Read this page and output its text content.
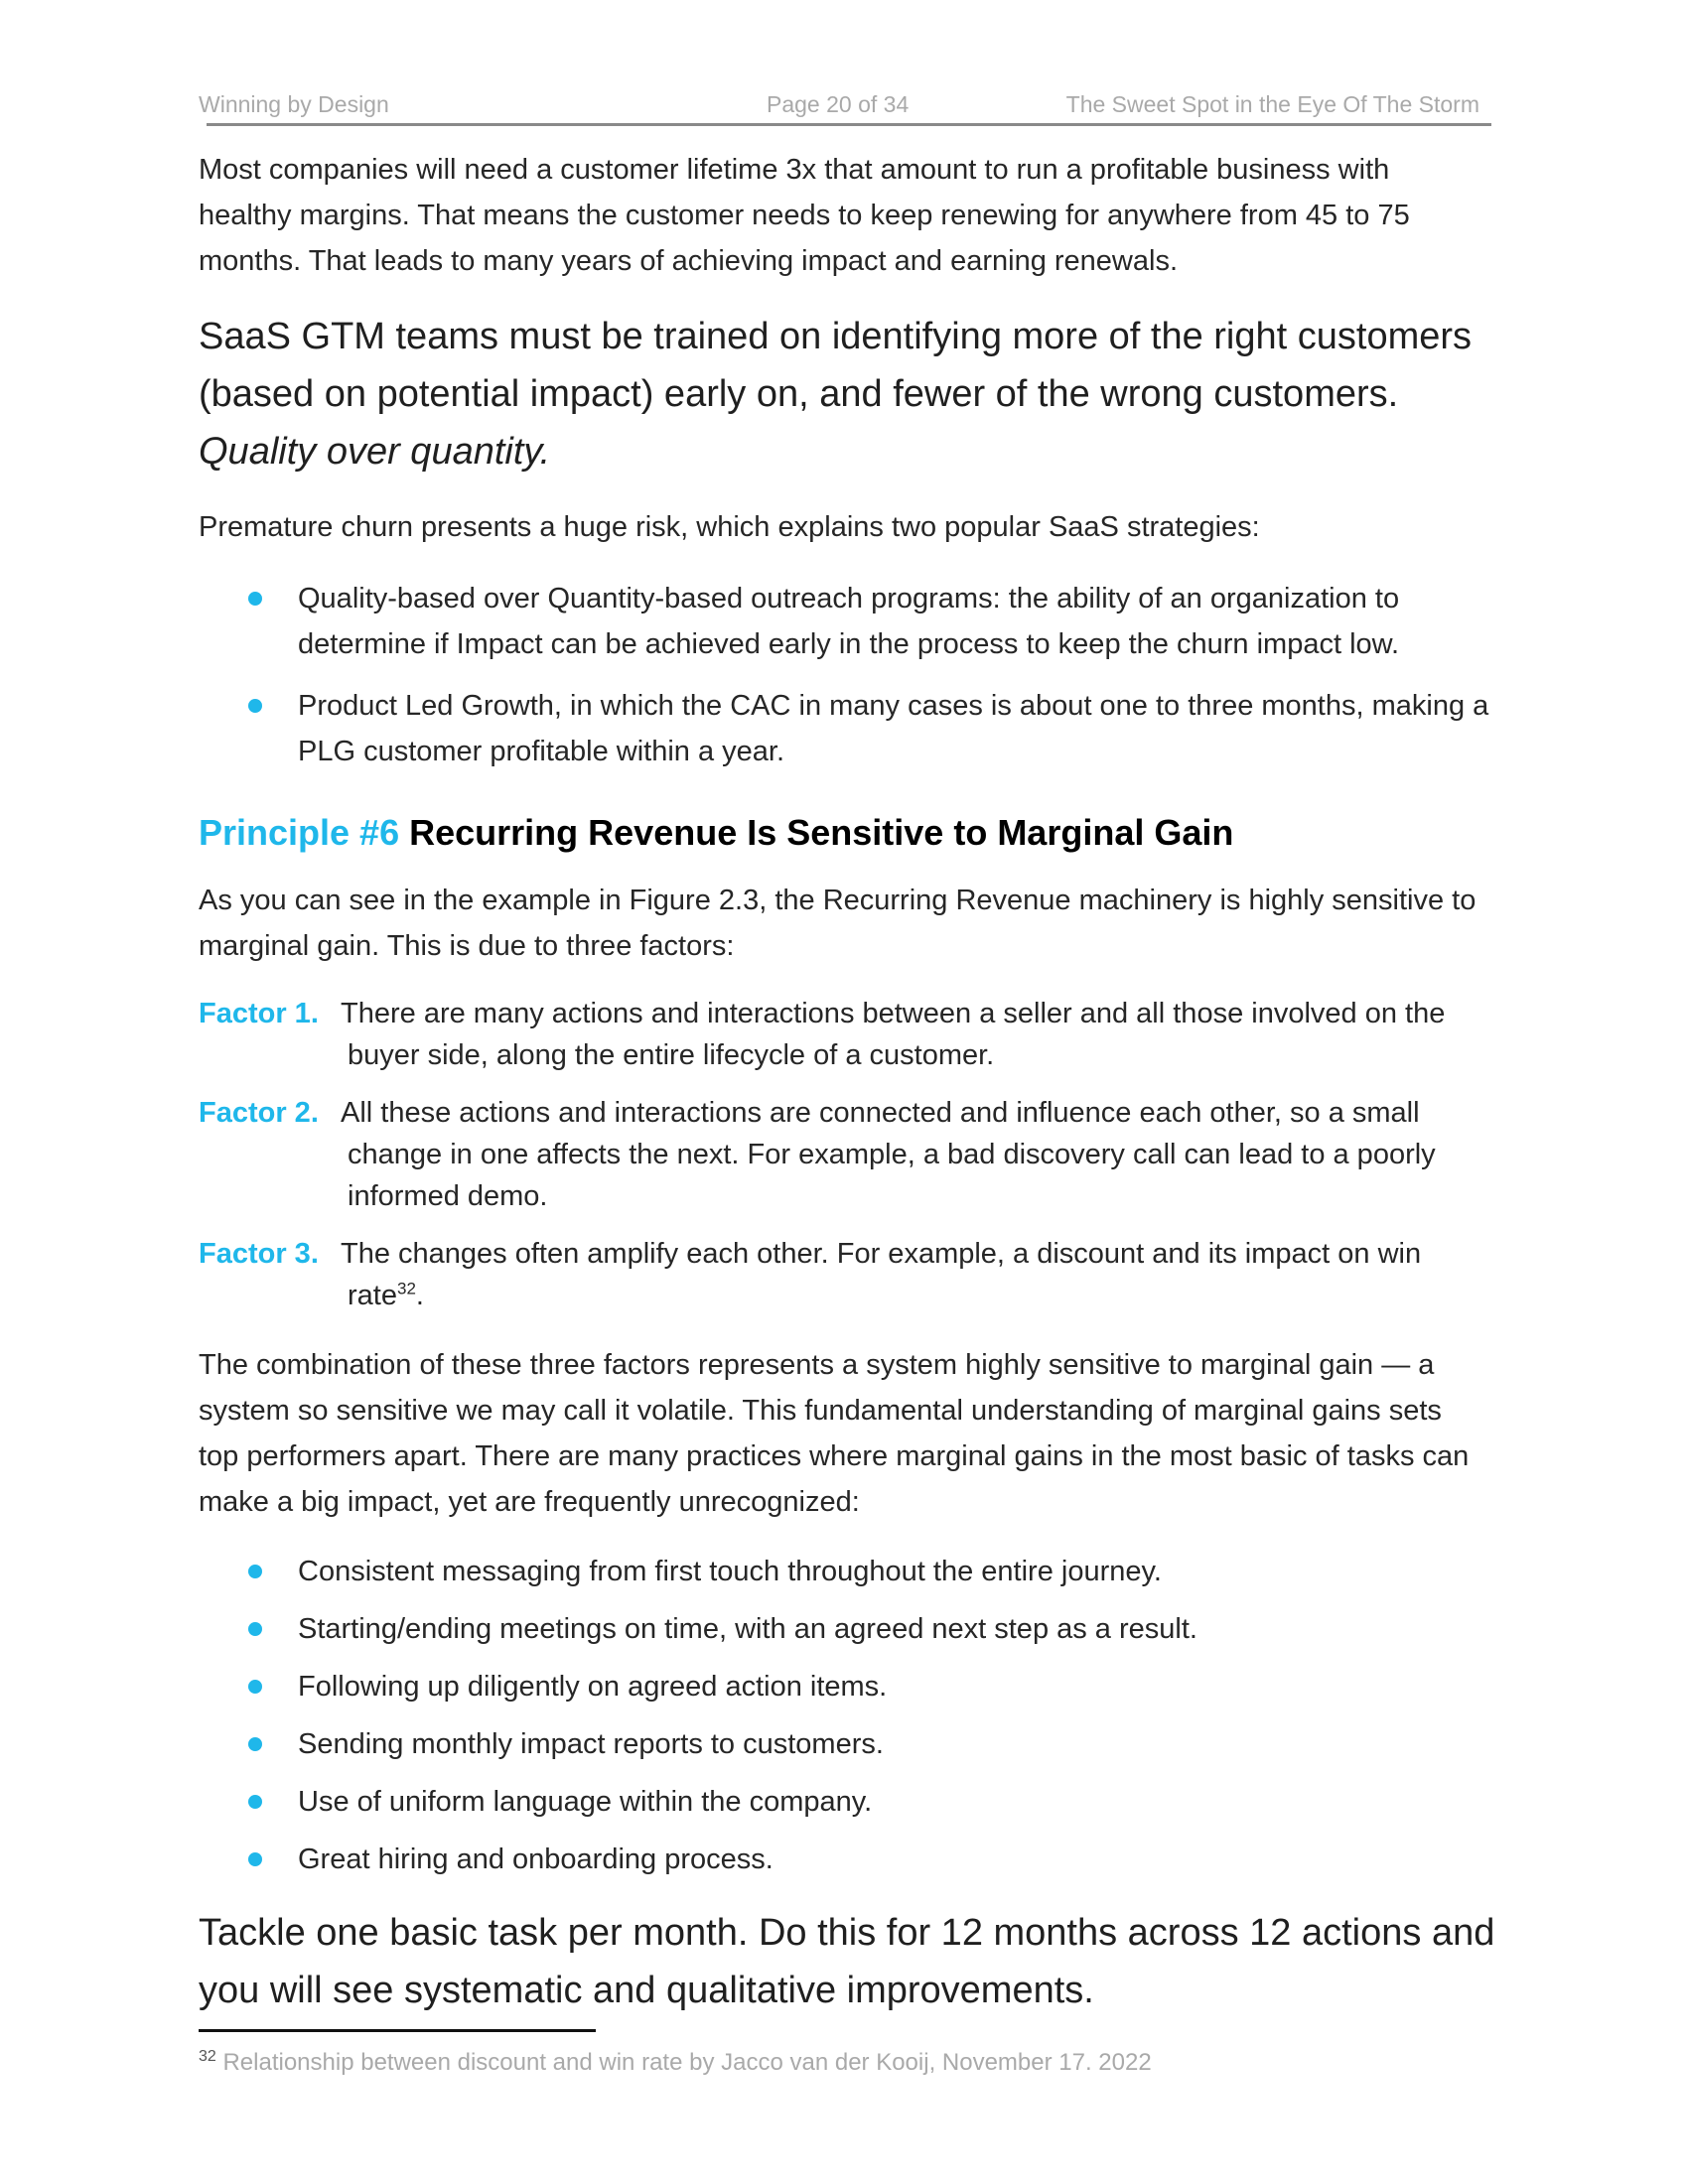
Winning by Design	Page 20 of 34	The Sweet Spot in the Eye Of The Storm

Most companies will need a customer lifetime 3x that amount to run a profitable business with healthy margins. That means the customer needs to keep renewing for anywhere from 45 to 75 months. That leads to many years of achieving impact and earning renewals.

SaaS GTM teams must be trained on identifying more of the right customers (based on potential impact) early on, and fewer of the wrong customers.
Quality over quantity.

Premature churn presents a huge risk, which explains two popular SaaS strategies:

Quality-based over Quantity-based outreach programs: the ability of an organization to determine if Impact can be achieved early in the process to keep the churn impact low.
Product Led Growth, in which the CAC in many cases is about one to three months, making a PLG customer profitable within a year.
Principle #6 Recurring Revenue Is Sensitive to Marginal Gain

As you can see in the example in Figure 2.3, the Recurring Revenue machinery is highly sensitive to marginal gain. This is due to three factors:

Factor 1. There are many actions and interactions between a seller and all those involved on the buyer side, along the entire lifecycle of a customer.
Factor 2. All these actions and interactions are connected and influence each other, so a small change in one affects the next. For example, a bad discovery call can lead to a poorly informed demo.
Factor 3. The changes often amplify each other. For example, a discount and its impact on win rate$^{32}$.

The combination of these three factors represents a system highly sensitive to marginal gain — a system so sensitive we may call it volatile. This fundamental understanding of marginal gains sets top performers apart. There are many practices where marginal gains in the most basic of tasks can make a big impact, yet are frequently unrecognized:

Consistent messaging from first touch throughout the entire journey.
Starting/ending meetings on time, with an agreed next step as a result.
Following up diligently on agreed action items.
Sending monthly impact reports to customers.
Use of uniform language within the company.
Great hiring and onboarding process.

Tackle one basic task per month. Do this for 12 months across 12 actions and you will see systematic and qualitative improvements.

$^{32}$ Relationship between discount and win rate by Jacco van der Kooij, November 17. 2022
